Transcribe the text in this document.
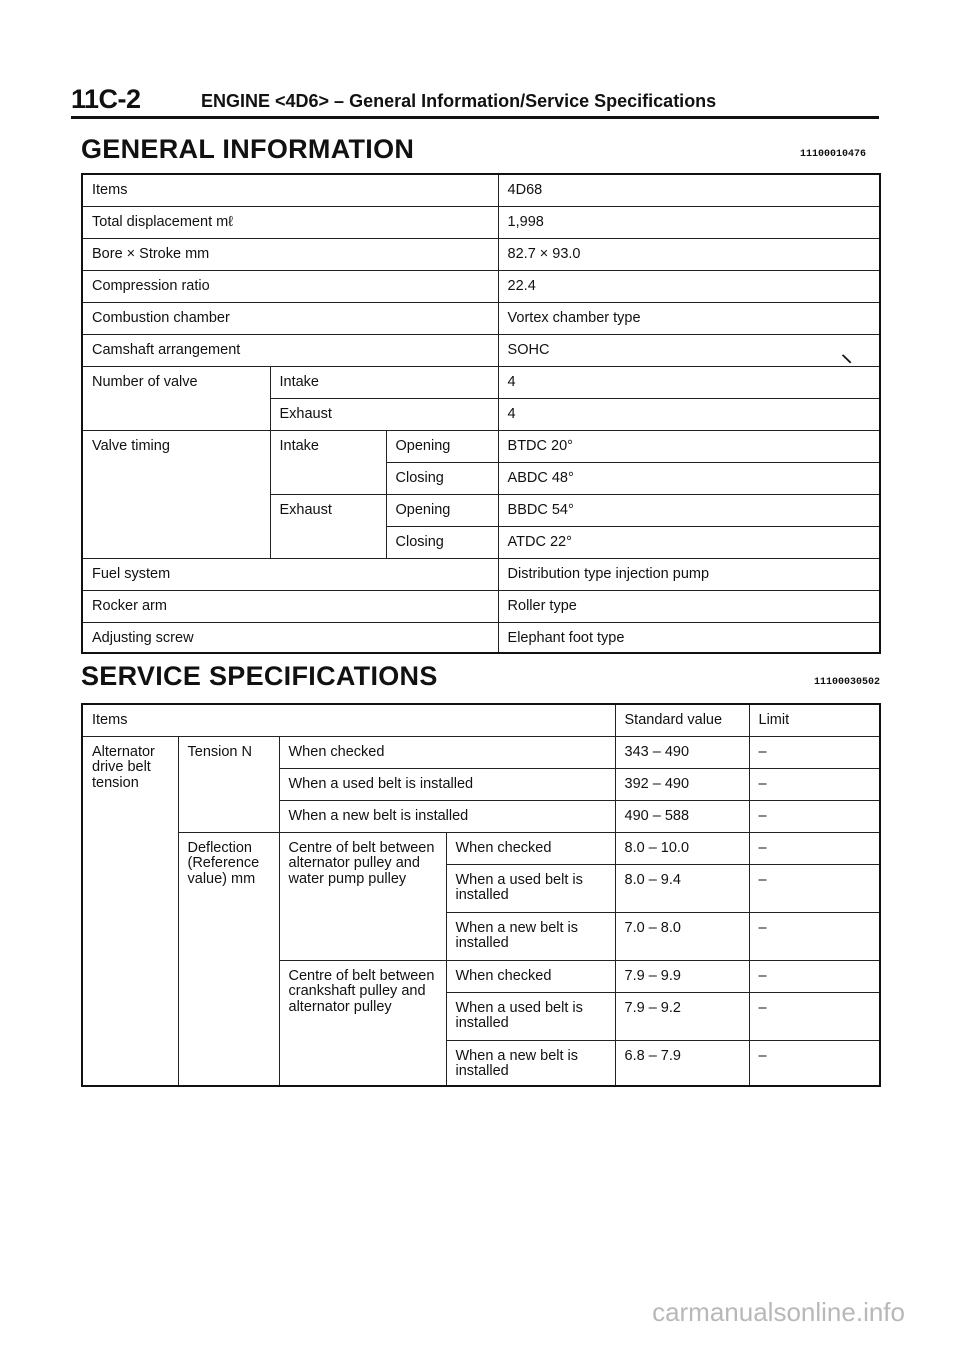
11C-2	ENGINE <4D6> – General Information/Service Specifications
GENERAL INFORMATION	11100010476
Items			4D68
Total displacement mℓ			1,998
Bore × Stroke mm			82.7 × 93.0
Compression ratio			22.4
Combustion chamber			Vortex chamber type
Camshaft arrangement			SOHC
Number of valve	Intake		4
	Exhaust		4
Valve timing	Intake	Opening	BTDC 20°
		Closing	ABDC 48°
	Exhaust	Opening	BBDC 54°
		Closing	ATDC 22°
Fuel system			Distribution type injection pump
Rocker arm			Roller type
Adjusting screw			Elephant foot type
\
SERVICE SPECIFICATIONS	11100030502
Items				Standard value	Limit
Alternator drive belt tension	Tension N	When checked		343 – 490	–
		When a used belt is installed		392 – 490	–
		When a new belt is installed		490 – 588	–
	Deflection (Reference value) mm	Centre of belt between alternator pulley and water pump pulley	When checked	8.0 – 10.0	–
			When a used belt is installed	8.0 – 9.4	–
			When a new belt is installed	7.0 – 8.0	–
		Centre of belt between crankshaft pulley and alternator pulley	When checked	7.9 – 9.9	–
			When a used belt is installed	7.9 – 9.2	–
			When a new belt is installed	6.8 – 7.9	–
carmanualsonline.info
